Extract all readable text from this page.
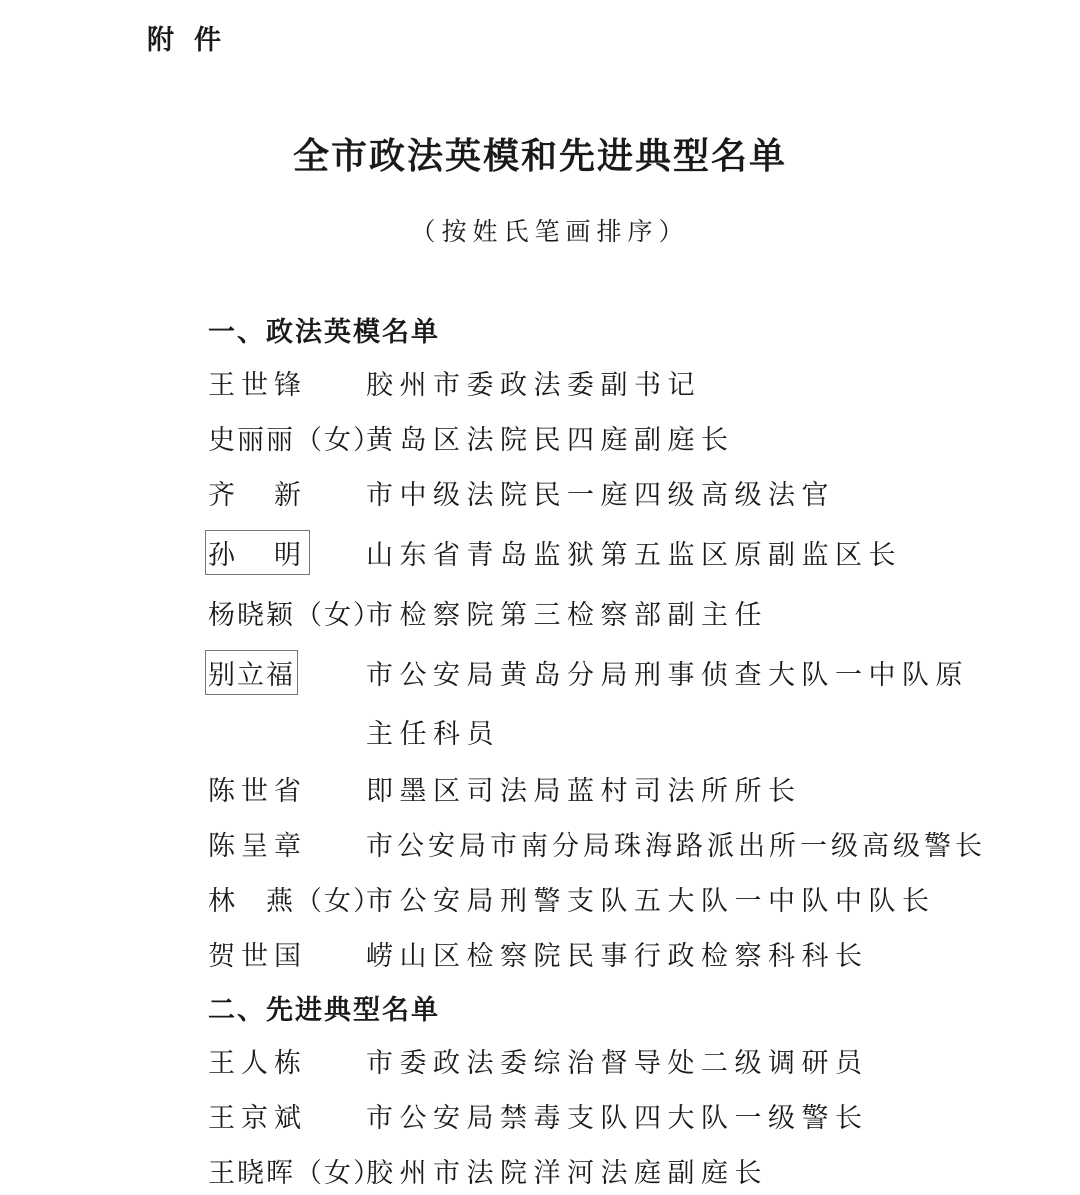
附件
全市政法英模和先进典型名单
（按姓氏笔画排序）
一、政法英模名单
王世锋 胶州市委政法委副书记
史丽丽（女）
黄岛区法院民四庭副庭长
齐　新 市中级法院民一庭四级高级法官
孙　明 山东省青岛监狱第五监区原副监区长
杨晓颖（女）
市检察院第三检察部副主任
别立福	市公安局黄岛分局刑事侦查大队一中队原
主任科员
陈世省 即墨区司法局蓝村司法所所长
陈呈章 市公安局市南分局珠海路派出所一级高级警长
林　燕（女）
市公安局刑警支队五大队一中队中队长
贺世国 崂山区检察院民事行政检察科科长
二、先进典型名单
王人栋 市委政法委综治督导处二级调研员
王京斌 市公安局禁毒支队四大队一级警长
王晓晖（女）
胶州市法院洋河法庭副庭长
